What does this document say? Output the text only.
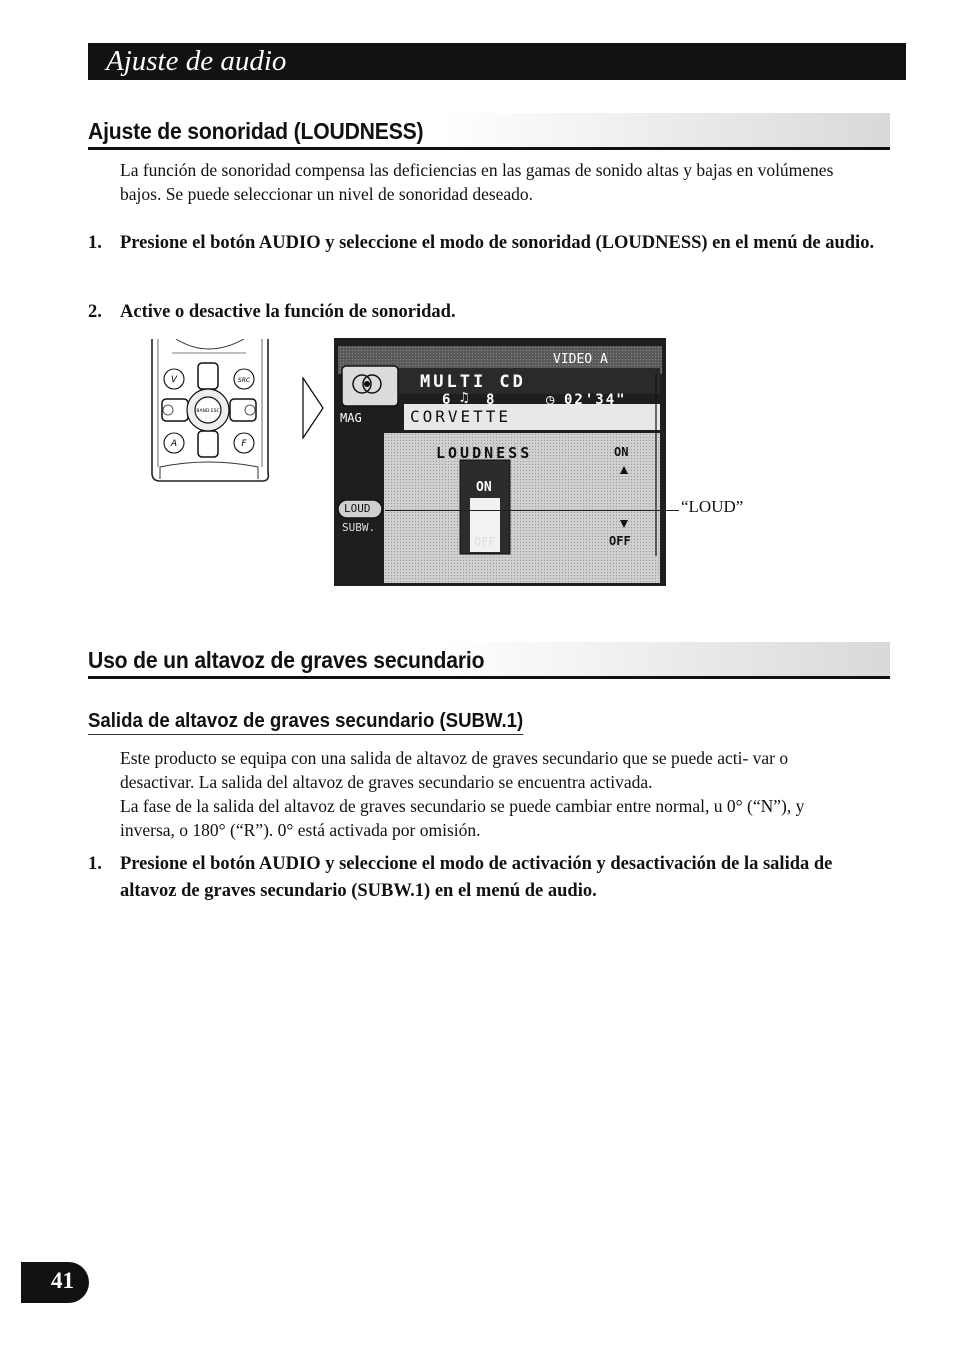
Ajuste de audio
Ajuste de sonoridad (LOUDNESS)
La función de sonoridad compensa las deficiencias en las gamas de sonido altas y bajas en volúmenes bajos. Se puede seleccionar un nivel de sonoridad deseado.
1. Presione el botón AUDIO y seleccione el modo de sonoridad (LOUDNESS) en el menú de audio.
2. Active o desactive la función de sonoridad.
V	SRC
BAND ESC
A	F
VIDEO A
MULTI CD
6 ♫ 8	◷ 02'34"
MAG	CORVETTE
LOUDNESS	ON
OFF
ON
OFF
LOUD
SUBW.
“LOUD”
Uso de un altavoz de graves secundario
Salida de altavoz de graves secundario (SUBW.1)
Este producto se equipa con una salida de altavoz de graves secundario que se puede acti- var o desactivar. La salida del altavoz de graves secundario se encuentra activada.
La fase de la salida del altavoz de graves secundario se puede cambiar entre normal, u 0° (“N”), y inversa, o 180° (“R”). 0° está activada por omisión.
1. Presione el botón AUDIO y seleccione el modo de activación y desactivación de la salida de altavoz de graves secundario (SUBW.1) en el menú de audio.
41
